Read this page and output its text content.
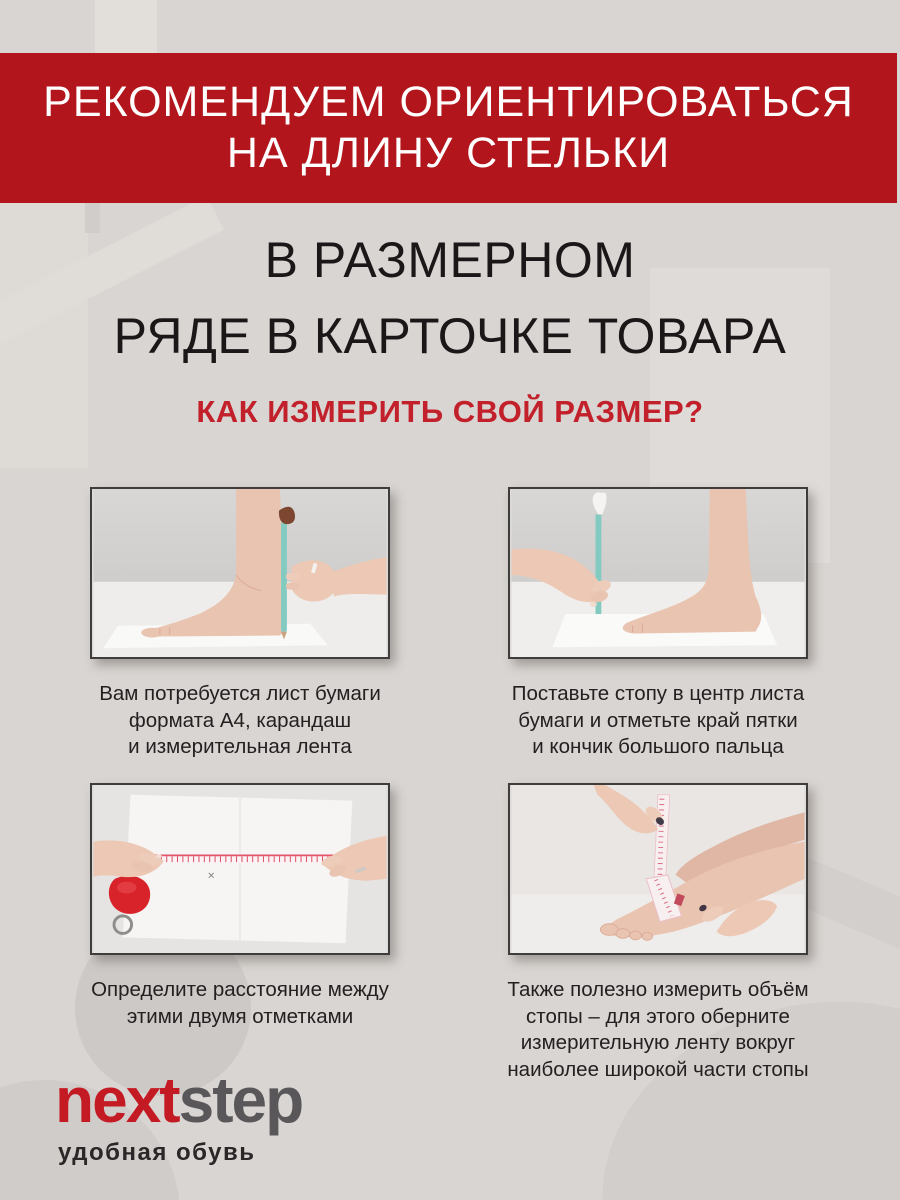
РЕКОМЕНДУЕМ ОРИЕНТИРОВАТЬСЯ
НА ДЛИНУ СТЕЛЬКИ
В РАЗМЕРНОМ
РЯДЕ В КАРТОЧКЕ ТОВАРА
КАК ИЗМЕРИТЬ СВОЙ РАЗМЕР?
Вам потребуется лист бумаги
формата А4, карандаш
и измерительная лента
Поставьте стопу в центр листа
бумаги и отметьте край пятки
и кончик большого пальца
Определите расстояние между
этими двумя отметками
Также полезно измерить объём
стопы – для этого оберните
измерительную ленту вокруг
наиболее широкой части стопы
nextstep
удобная обувь
